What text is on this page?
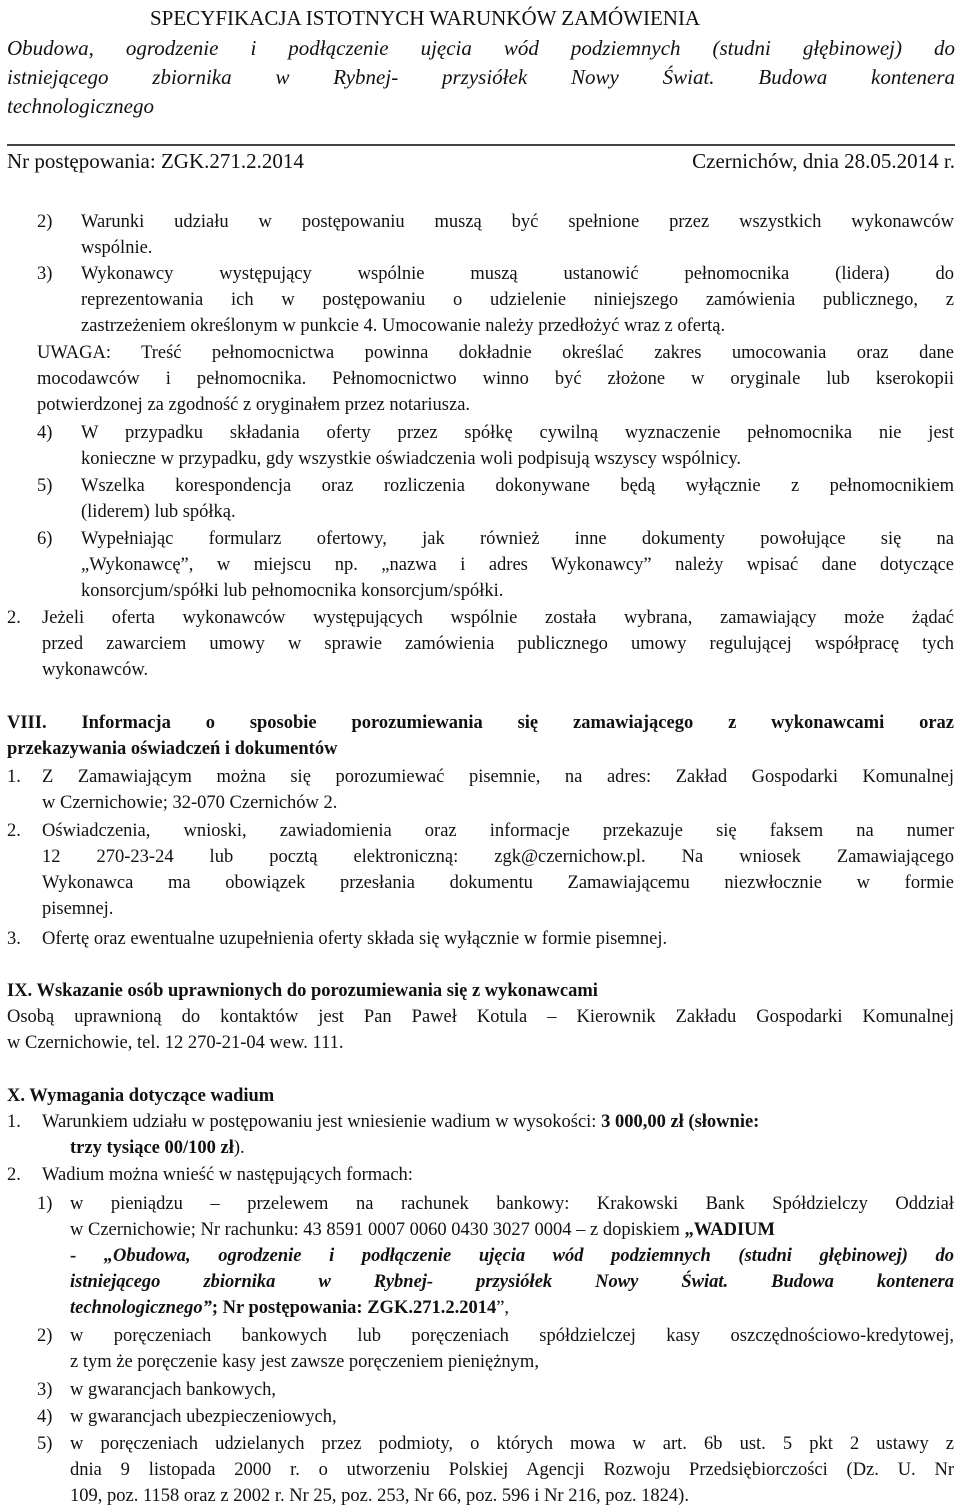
SPECYFIKACJA ISTOTNYCH WARUNKÓW ZAMÓWIENIA
Obudowa, ogrodzenie i podłączenie ujęcia wód podziemnych (studni głębinowej) do
istniejącego zbiornika w Rybnej- przysiółek Nowy Świat. Budowa kontenera
technologicznego
Nr postępowania: ZGK.271.2.2014	Czernichów, dnia 28.05.2014 r.
2) Warunki udziału w postępowaniu muszą być spełnione przez wszystkich wykonawców
wspólnie.
3) Wykonawcy występujący wspólnie muszą ustanowić pełnomocnika (lidera) do
reprezentowania ich w postępowaniu o udzielenie niniejszego zamówienia publicznego, z
zastrzeżeniem określonym w punkcie 4. Umocowanie należy przedłożyć wraz z ofertą.
UWAGA: Treść pełnomocnictwa powinna dokładnie określać zakres umocowania oraz dane
mocodawców i pełnomocnika. Pełnomocnictwo winno być złożone w oryginale lub kserokopii
potwierdzonej za zgodność z oryginałem przez notariusza.
4) W przypadku składania oferty przez spółkę cywilną wyznaczenie pełnomocnika nie jest
konieczne w przypadku, gdy wszystkie oświadczenia woli podpisują wszyscy wspólnicy.
5) Wszelka korespondencja oraz rozliczenia dokonywane będą wyłącznie z pełnomocnikiem
(liderem) lub spółką.
6) Wypełniając formularz ofertowy, jak również inne dokumenty powołujące się na
„Wykonawcę”, w miejscu np. „nazwa i adres Wykonawcy” należy wpisać dane dotyczące
konsorcjum/spółki lub pełnomocnika konsorcjum/spółki.
2. Jeżeli oferta wykonawców występujących wspólnie została wybrana, zamawiający może żądać
przed zawarciem umowy w sprawie zamówienia publicznego umowy regulującej współpracę tych
wykonawców.
VIII. Informacja o sposobie porozumiewania się zamawiającego z wykonawcami oraz
przekazywania oświadczeń i dokumentów
1. Z Zamawiającym można się porozumiewać pisemnie, na adres: Zakład Gospodarki Komunalnej
w Czernichowie; 32-070 Czernichów 2.
2. Oświadczenia, wnioski, zawiadomienia oraz informacje przekazuje się faksem na numer
12 270-23-24 lub pocztą elektroniczną: zgk@czernichow.pl. Na wniosek Zamawiającego
Wykonawca ma obowiązek przesłania dokumentu Zamawiającemu niezwłocznie w formie
pisemnej.
3. Ofertę oraz ewentualne uzupełnienia oferty składa się wyłącznie w formie pisemnej.
IX. Wskazanie osób uprawnionych do porozumiewania się z wykonawcami
Osobą uprawnioną do kontaktów jest Pan Paweł Kotula – Kierownik Zakładu Gospodarki Komunalnej
w Czernichowie, tel. 12 270-21-04 wew. 111.
X. Wymagania dotyczące wadium
1. Warunkiem udziału w postępowaniu jest wniesienie wadium w wysokości: 3 000,00 zł (słownie:
trzy tysiące 00/100 zł).
2. Wadium można wnieść w następujących formach:
1) w pieniądzu – przelewem na rachunek bankowy: Krakowski Bank Spółdzielczy Oddział
w Czernichowie; Nr rachunku: 43 8591 0007 0060 0430 3027 0004 – z dopiskiem „WADIUM
- „Obudowa, ogrodzenie i podłączenie ujęcia wód podziemnych (studni głębinowej) do
istniejącego zbiornika w Rybnej- przysiółek Nowy Świat. Budowa kontenera
technologicznego”; Nr postępowania: ZGK.271.2.2014”,
2) w poręczeniach bankowych lub poręczeniach spółdzielczej kasy oszczędnościowo-kredytowej,
z tym że poręczenie kasy jest zawsze poręczeniem pieniężnym,
3) w gwarancjach bankowych,
4) w gwarancjach ubezpieczeniowych,
5) w poręczeniach udzielanych przez podmioty, o których mowa w art. 6b ust. 5 pkt 2 ustawy z
dnia 9 listopada 2000 r. o utworzeniu Polskiej Agencji Rozwoju Przedsiębiorczości (Dz. U. Nr
109, poz. 1158 oraz z 2002 r. Nr 25, poz. 253, Nr 66, poz. 596 i Nr 216, poz. 1824).
